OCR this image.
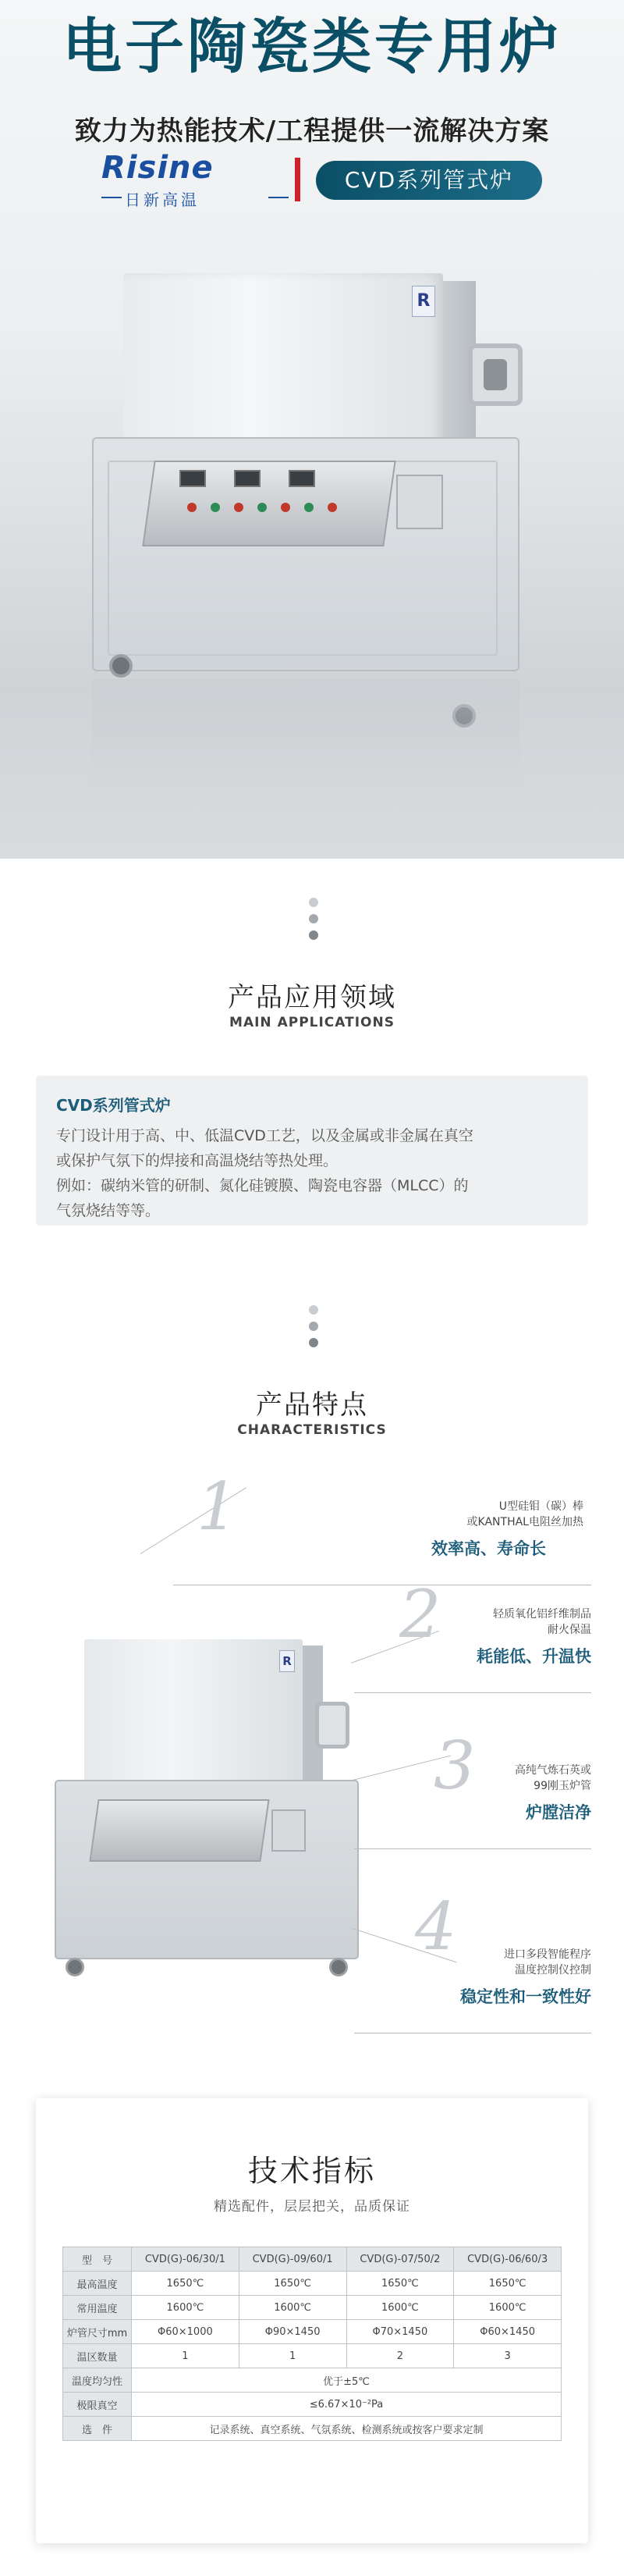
电子陶瓷类专用炉
致力为热能技术/工程提供一流解决方案
Risine
日新高温
CVD系列管式炉
R
产品应用领域
MAIN APPLICATIONS
CVD系列管式炉
专门设计用于高、中、低温CVD工艺，以及金属或非金属在真空
或保护气氛下的焊接和高温烧结等热处理。
例如：碳纳米管的研制、氮化硅镀膜、陶瓷电容器（MLCC）的
气氛烧结等等。
产品特点
CHARACTERISTICS
R
1	U型硅钼（碳）棒
或KANTHAL电阻丝加热
效率高、寿命长
2	轻质氧化铝纤维制品
耐火保温
耗能低、升温快
3	高纯气炼石英或
99刚玉炉管
炉膛洁净
4	进口多段智能程序
温度控制仪控制
稳定性和一致性好
技术指标
精选配件，层层把关，品质保证
型　号	CVD(G)-06/30/1	CVD(G)-09/60/1	CVD(G)-07/50/2	CVD(G)-06/60/3
最高温度	1650℃	1650℃	1650℃	1650℃
常用温度	1600℃	1600℃	1600℃	1600℃
炉管尺寸mm	Φ60×1000	Φ90×1450	Φ70×1450	Φ60×1450
温区数量	1	1	2	3
温度均匀性	优于±5℃			
极限真空	≤6.67×10⁻²Pa			
选　件	记录系统、真空系统、气氛系统、检测系统或按客户要求定制			
